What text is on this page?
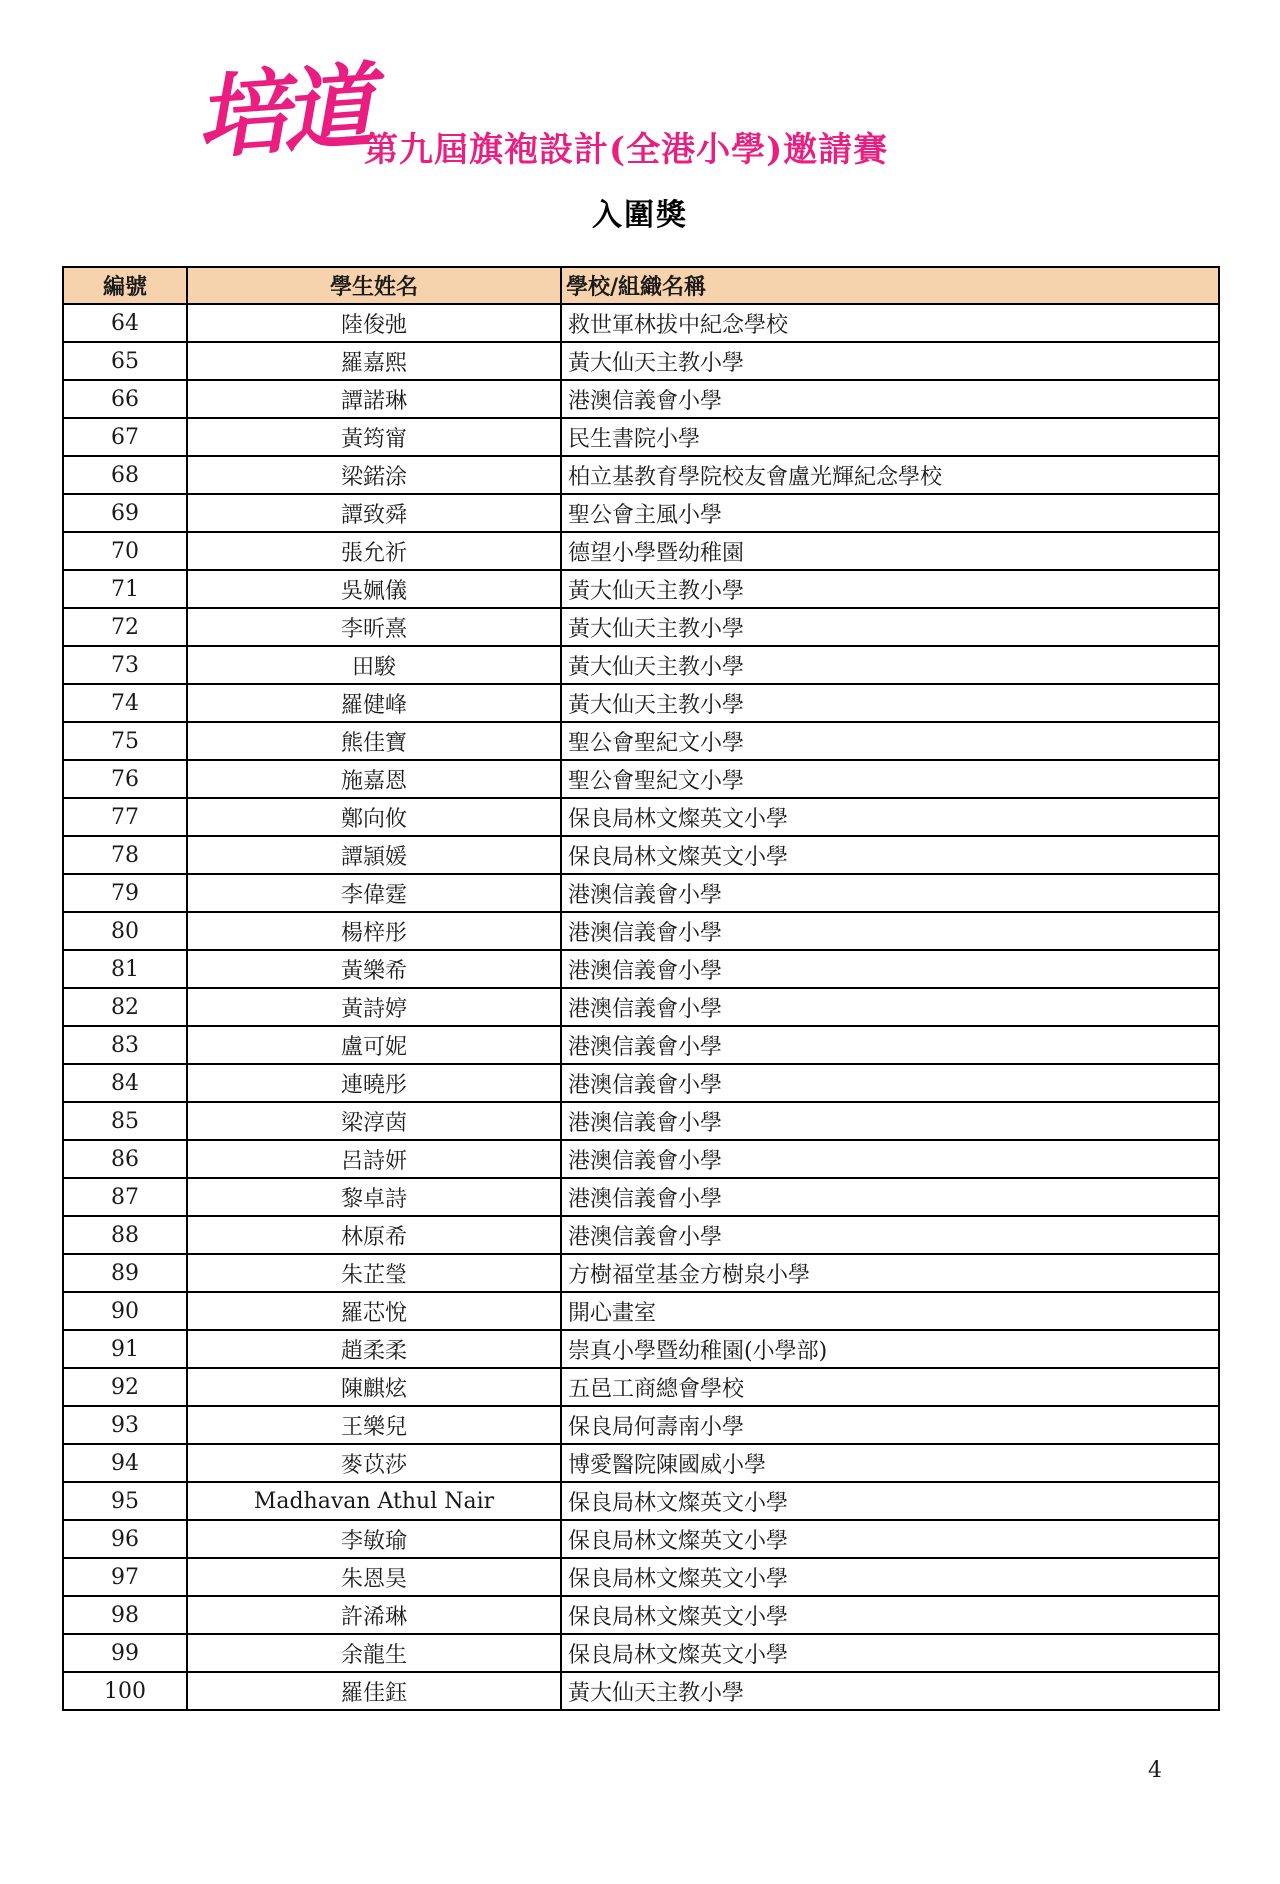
培道
第九屆旗袍設計(全港小學)邀請賽
入圍獎
編號	學生姓名	學校/組織名稱
64	陸俊弛	救世軍林拔中紀念學校
65	羅嘉熙	黃大仙天主教小學
66	譚諾琳	港澳信義會小學
67	黃筠甯	民生書院小學
68	梁鍩涂	柏立基教育學院校友會盧光輝紀念學校
69	譚致舜	聖公會主風小學
70	張允祈	德望小學暨幼稚園
71	吳姵儀	黃大仙天主教小學
72	李昕熹	黃大仙天主教小學
73	田駿	黃大仙天主教小學
74	羅健峰	黃大仙天主教小學
75	熊佳寶	聖公會聖紀文小學
76	施嘉恩	聖公會聖紀文小學
77	鄭向攸	保良局林文燦英文小學
78	譚頴媛	保良局林文燦英文小學
79	李偉霆	港澳信義會小學
80	楊梓彤	港澳信義會小學
81	黃樂希	港澳信義會小學
82	黃詩婷	港澳信義會小學
83	盧可妮	港澳信義會小學
84	連曉彤	港澳信義會小學
85	梁淳茵	港澳信義會小學
86	呂詩妍	港澳信義會小學
87	黎卓詩	港澳信義會小學
88	林原希	港澳信義會小學
89	朱芷瑩	方樹福堂基金方樹泉小學
90	羅芯悅	開心畫室
91	趙柔柔	崇真小學暨幼稚園(小學部)
92	陳麒炫	五邑工商總會學校
93	王樂兒	保良局何壽南小學
94	麥苡莎	博愛醫院陳國威小學
95	Madhavan Athul Nair	保良局林文燦英文小學
96	李敏瑜	保良局林文燦英文小學
97	朱恩昊	保良局林文燦英文小學
98	許浠琳	保良局林文燦英文小學
99	余龍生	保良局林文燦英文小學
100	羅佳鈺	黃大仙天主教小學
4
